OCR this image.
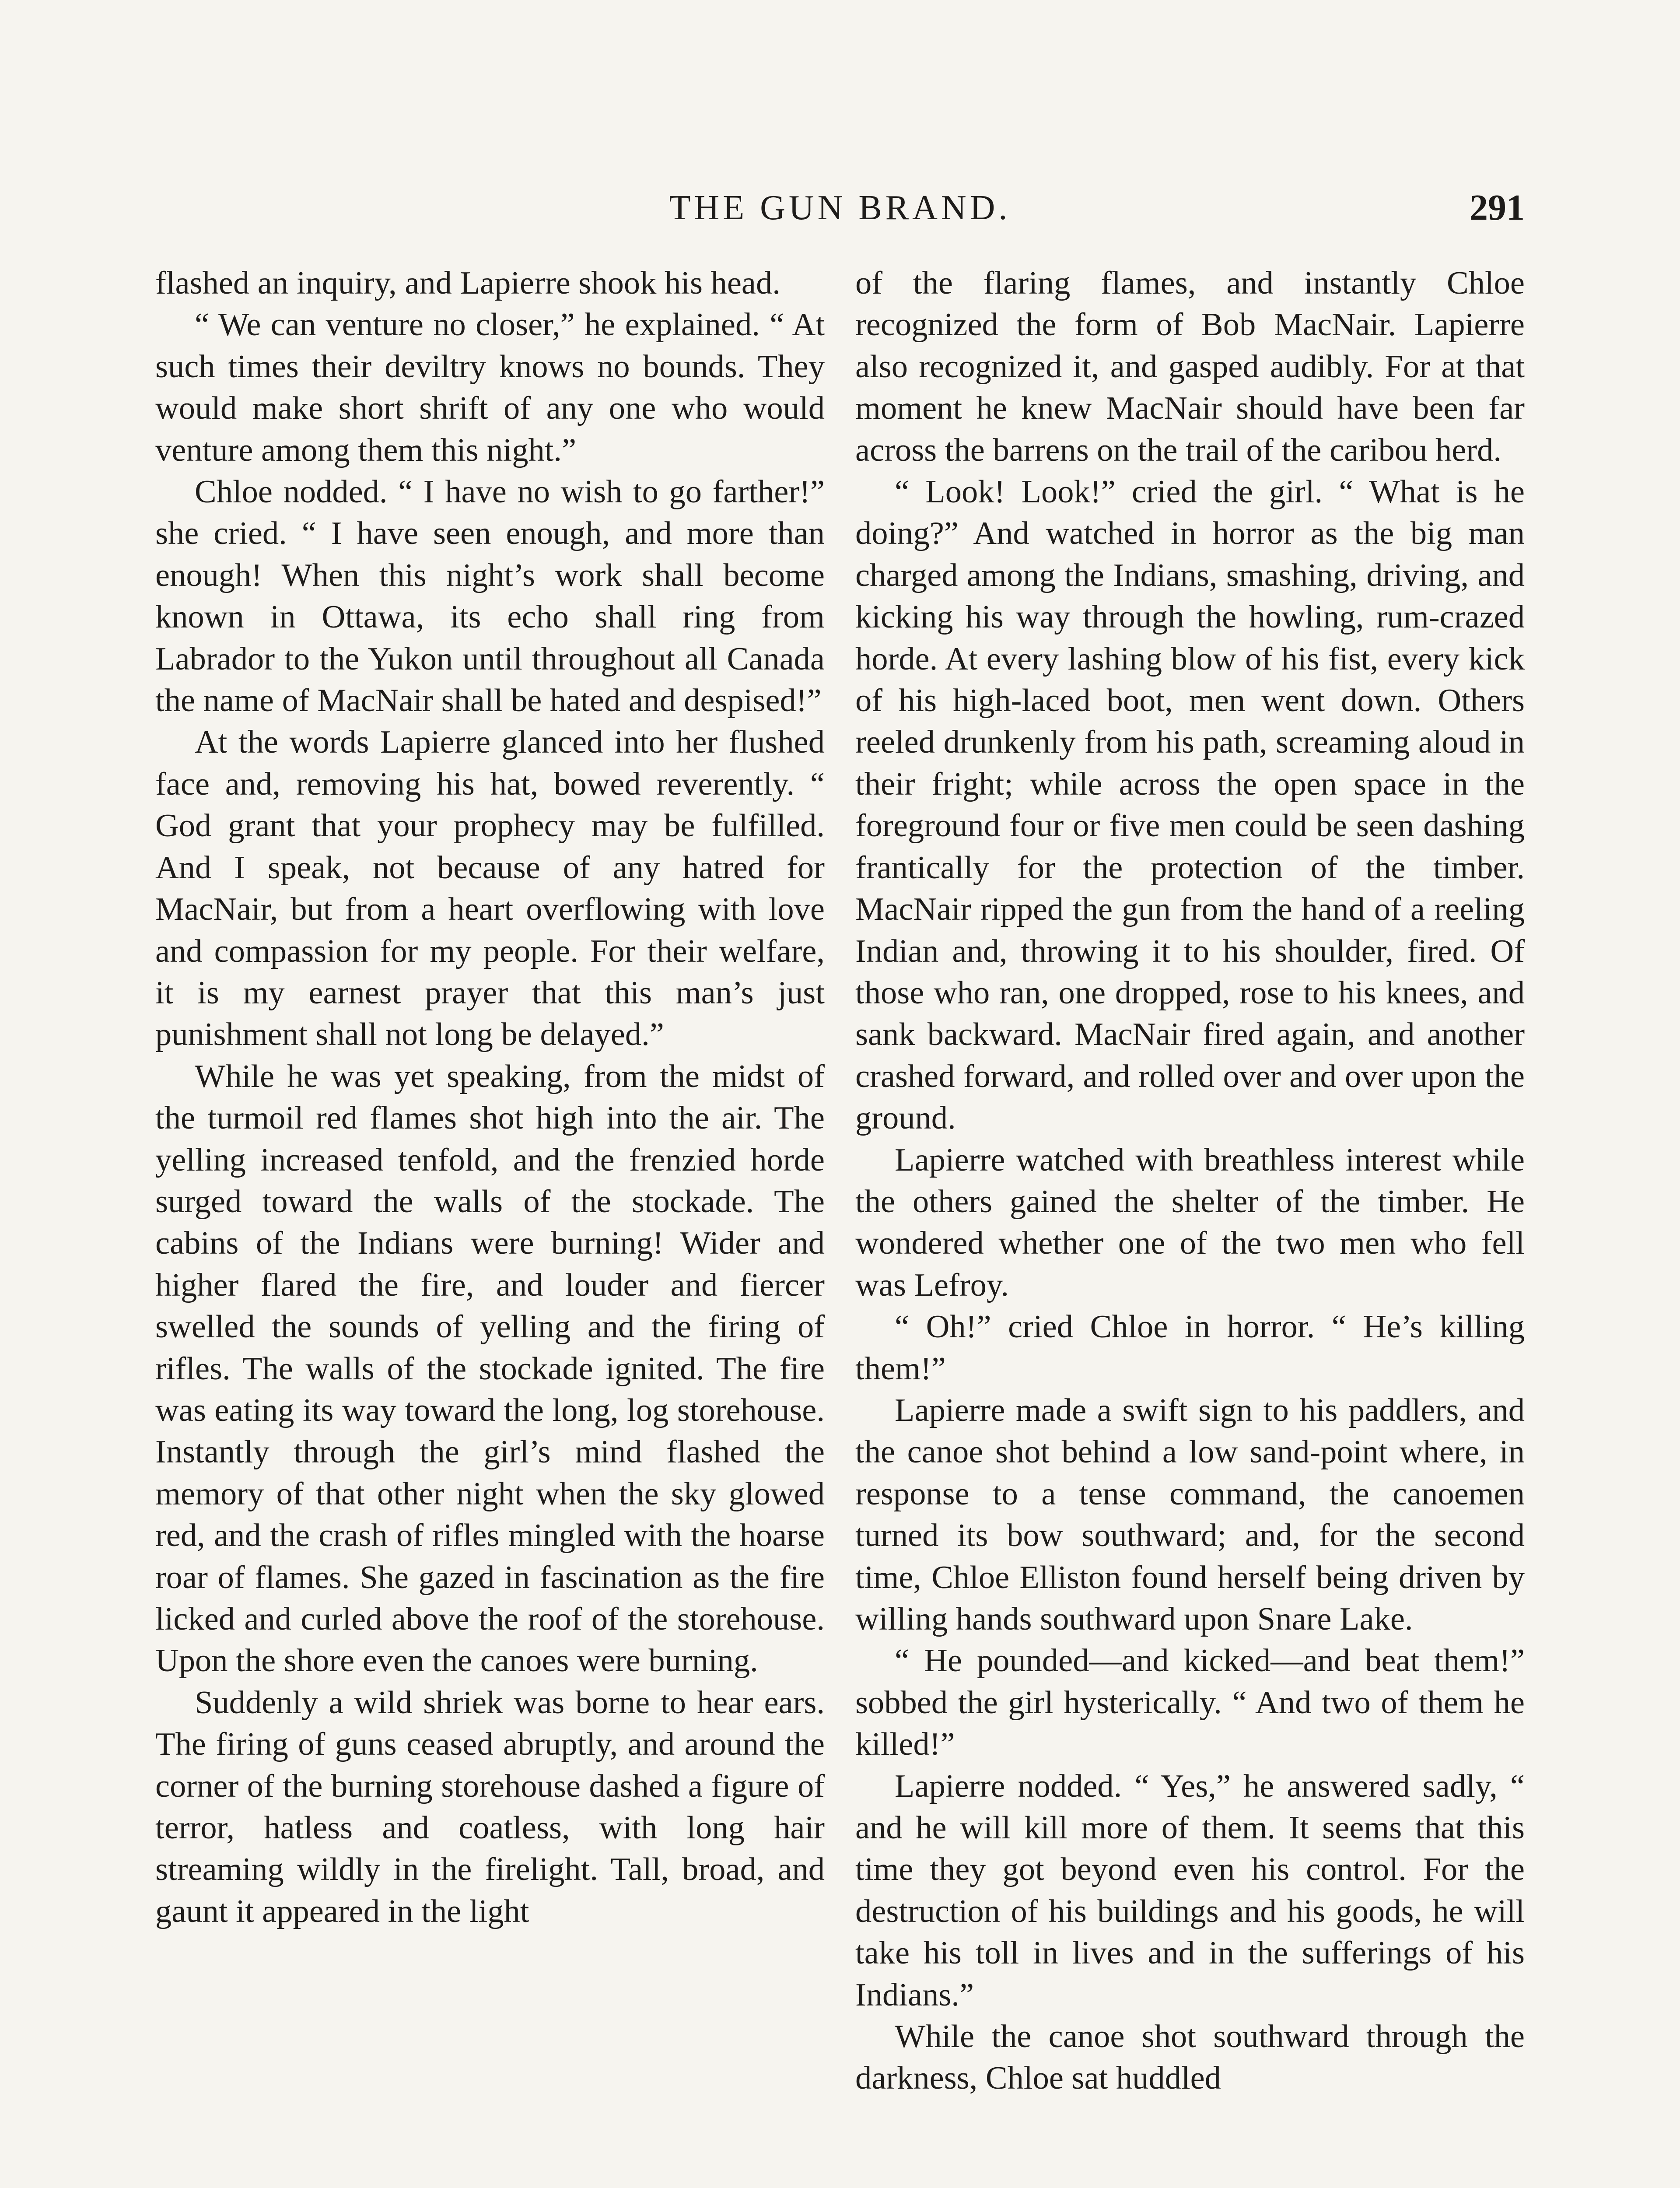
THE GUN BRAND.	291

flashed an inquiry, and Lapierre shook his head.

“ We can venture no closer,” he explained. “ At such times their deviltry knows no bounds. They would make short shrift of any one who would venture among them this night.”

Chloe nodded. “ I have no wish to go farther!” she cried. “ I have seen enough, and more than enough! When this night’s work shall become known in Ottawa, its echo shall ring from Labrador to the Yukon until throughout all Canada the name of MacNair shall be hated and despised!”

At the words Lapierre glanced into her flushed face and, removing his hat, bowed reverently. “ God grant that your prophecy may be fulfilled. And I speak, not because of any hatred for MacNair, but from a heart overflowing with love and compassion for my people. For their welfare, it is my earnest prayer that this man’s just punishment shall not long be delayed.”

While he was yet speaking, from the midst of the turmoil red flames shot high into the air. The yelling increased tenfold, and the frenzied horde surged toward the walls of the stockade. The cabins of the Indians were burning! Wider and higher flared the fire, and louder and fiercer swelled the sounds of yelling and the firing of rifles. The walls of the stockade ignited. The fire was eating its way toward the long, log storehouse. Instantly through the girl’s mind flashed the memory of that other night when the sky glowed red, and the crash of rifles mingled with the hoarse roar of flames. She gazed in fascination as the fire licked and curled above the roof of the storehouse. Upon the shore even the canoes were burning.

Suddenly a wild shriek was borne to hear ears. The firing of guns ceased abruptly, and around the corner of the burning storehouse dashed a figure of terror, hatless and coatless, with long hair streaming wildly in the firelight. Tall, broad, and gaunt it appeared in the light

of the flaring flames, and instantly Chloe recognized the form of Bob MacNair. Lapierre also recognized it, and gasped audibly. For at that moment he knew MacNair should have been far across the barrens on the trail of the caribou herd.

“ Look! Look!” cried the girl. “ What is he doing?” And watched in horror as the big man charged among the Indians, smashing, driving, and kicking his way through the howling, rum-crazed horde. At every lashing blow of his fist, every kick of his high-laced boot, men went down. Others reeled drunkenly from his path, screaming aloud in their fright; while across the open space in the foreground four or five men could be seen dashing frantically for the protection of the timber. MacNair ripped the gun from the hand of a reeling Indian and, throwing it to his shoulder, fired. Of those who ran, one dropped, rose to his knees, and sank backward. MacNair fired again, and another crashed forward, and rolled over and over upon the ground.

Lapierre watched with breathless interest while the others gained the shelter of the timber. He wondered whether one of the two men who fell was Lefroy.

“ Oh!” cried Chloe in horror. “ He’s killing them!”

Lapierre made a swift sign to his paddlers, and the canoe shot behind a low sand-point where, in response to a tense command, the canoemen turned its bow southward; and, for the second time, Chloe Elliston found herself being driven by willing hands southward upon Snare Lake.

“ He pounded—and kicked—and beat them!” sobbed the girl hysterically. “ And two of them he killed!”

Lapierre nodded. “ Yes,” he answered sadly, “ and he will kill more of them. It seems that this time they got beyond even his control. For the destruction of his buildings and his goods, he will take his toll in lives and in the sufferings of his Indians.”

While the canoe shot southward through the darkness, Chloe sat huddled
